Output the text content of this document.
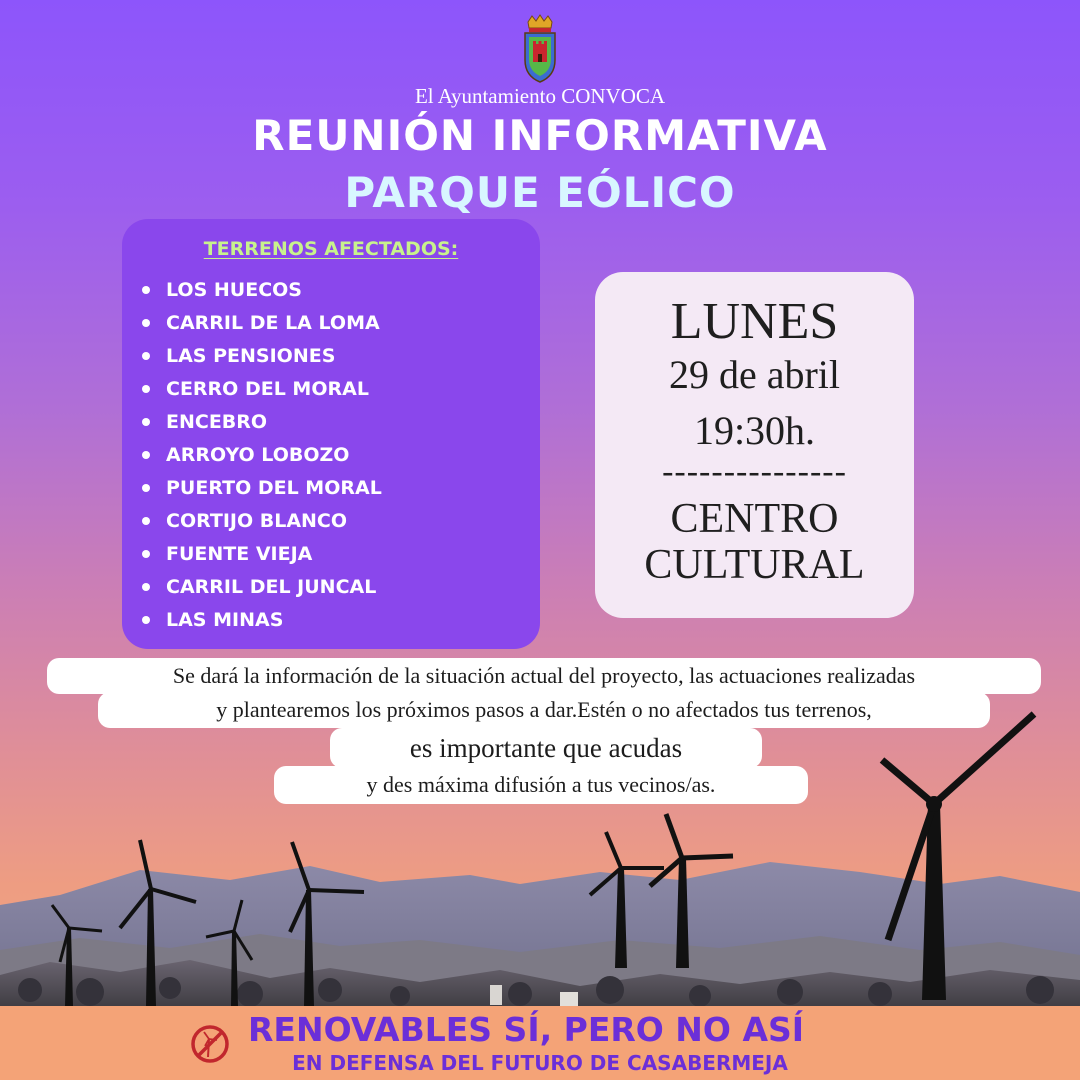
El Ayuntamiento CONVOCA
REUNIÓN INFORMATIVA
PARQUE EÓLICO
TERRENOS AFECTADOS:
LOS HUECOS
CARRIL DE LA LOMA
LAS PENSIONES
CERRO DEL MORAL
ENCEBRO
ARROYO LOBOZO
PUERTO DEL MORAL
CORTIJO BLANCO
FUENTE VIEJA
CARRIL DEL JUNCAL
LAS MINAS
LUNES
29 de abril
19:30h.
---------------
CENTRO
CULTURAL
Se dará la información de la situación actual del proyecto, las actuaciones realizadas
y plantearemos los próximos pasos a dar.Estén o no afectados tus terrenos,
es importante que acudas
y des máxima difusión a tus vecinos/as.
RENOVABLES SÍ, PERO NO ASÍ
EN DEFENSA DEL FUTURO DE CASABERMEJA
